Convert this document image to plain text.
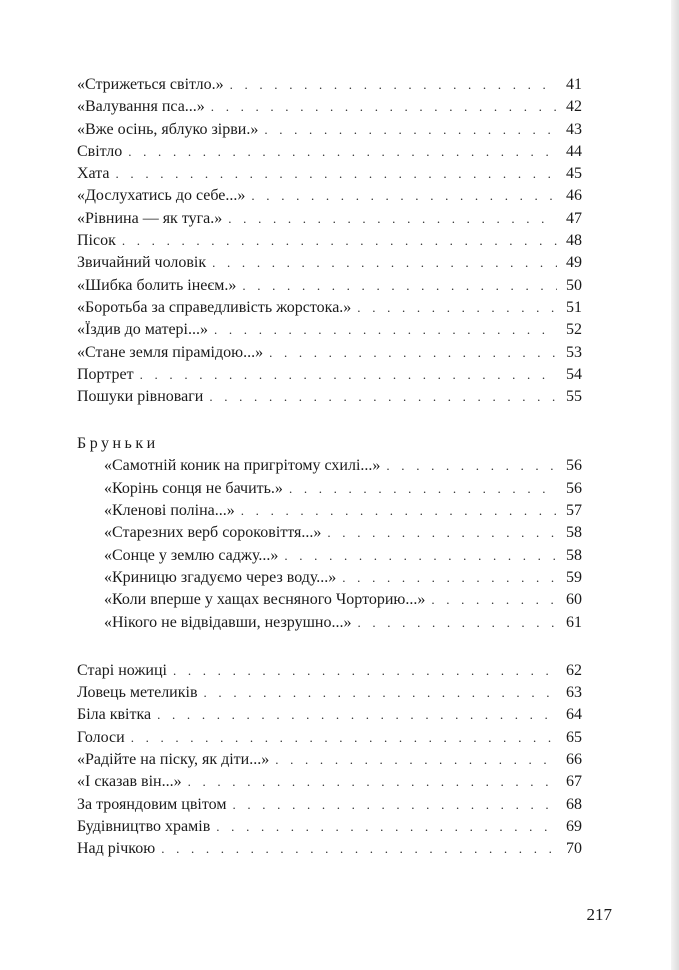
«Стрижеться світло.» . . .	41
«Валування пса...» . . .	42
«Вже осінь, яблуко зірви.» . . .	43
Світло . . .	44
Хата . . .	45
«Дослухатись до себе...» . . .	46
«Рівнина — як туга.» . . .	47
Пісок . . .	48
Звичайний чоловік . . .	49
«Шибка болить інеєм.» . . .	50
«Боротьба за справедливість жорстока.» . . .	51
«Їздив до матері...» . . .	52
«Стане земля пірамідою...» . . .	53
Портрет . . .	54
Пошуки рівноваги . . .	55
Бруньки
«Самотній коник на пригрітому схилі...» . . .	56
«Корінь сонця не бачить.» . . .	56
«Кленові поліна...» . . .	57
«Старезних верб сороковіття...» . . .	58
«Сонце у землю саджу...» . . .	58
«Криницю згадуємо через воду...» . . .	59
«Коли вперше у хащах весняного Чорторию...» . . .	60
«Нікого не відвідавши, незрушно...» . . .	61
Старі ножиці . . .	62
Ловець метеликів . . .	63
Біла квітка . . .	64
Голоси . . .	65
«Радійте на піску, як діти...» . . .	66
«І сказав він...» . . .	67
За трояндовим цвітом . . .	68
Будівництво храмів . . .	69
Над річкою . . .	70
217
